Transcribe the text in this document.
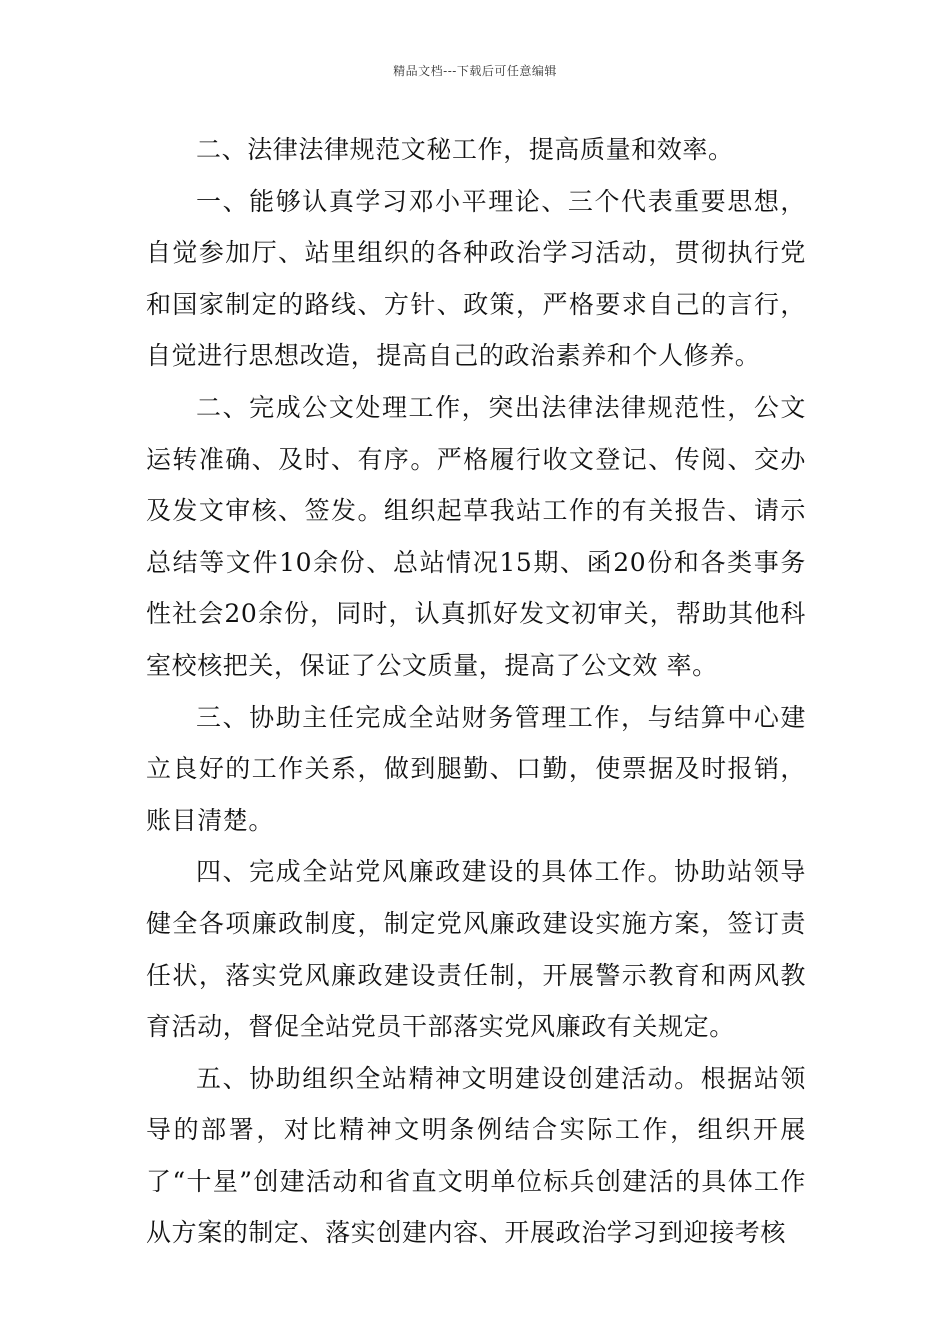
精品文档---下载后可任意编辑

二、法律法律规范文秘工作，提高质量和效率。

一、能够认真学习邓小平理论、三个代表重要思想，自觉参加厅、站里组织的各种政治学习活动，贯彻执行党和国家制定的路线、方针、政策，严格要求自己的言行，自觉进行思想改造，提高自己的政治素养和个人修养。

二、完成公文处理工作，突出法律法律规范性，公文运转准确、及时、有序。严格履行收文登记、传阅、交办及发文审核、签发。组织起草我站工作的有关报告、请示总结等文件10余份、总站情况15期、函20份和各类事务性社会20余份，同时，认真抓好发文初审关，帮助其他科室校核把关，保证了公文质量，提高了公文效 率。

三、协助主任完成全站财务管理工作，与结算中心建立良好的工作关系，做到腿勤、口勤，使票据及时报销，账目清楚。

四、完成全站党风廉政建设的具体工作。协助站领导健全各项廉政制度，制定党风廉政建设实施方案，签订责任状，落实党风廉政建设责任制，开展警示教育和两风教育活动，督促全站党员干部落实党风廉政有关规定。

五、协助组织全站精神文明建设创建活动。根据站领导的部署，对比精神文明条例结合实际工作，组织开展了“十星”创建活动和省直文明单位标兵创建活的具体工作从方案的制定、落实创建内容、开展政治学习到迎接考核
